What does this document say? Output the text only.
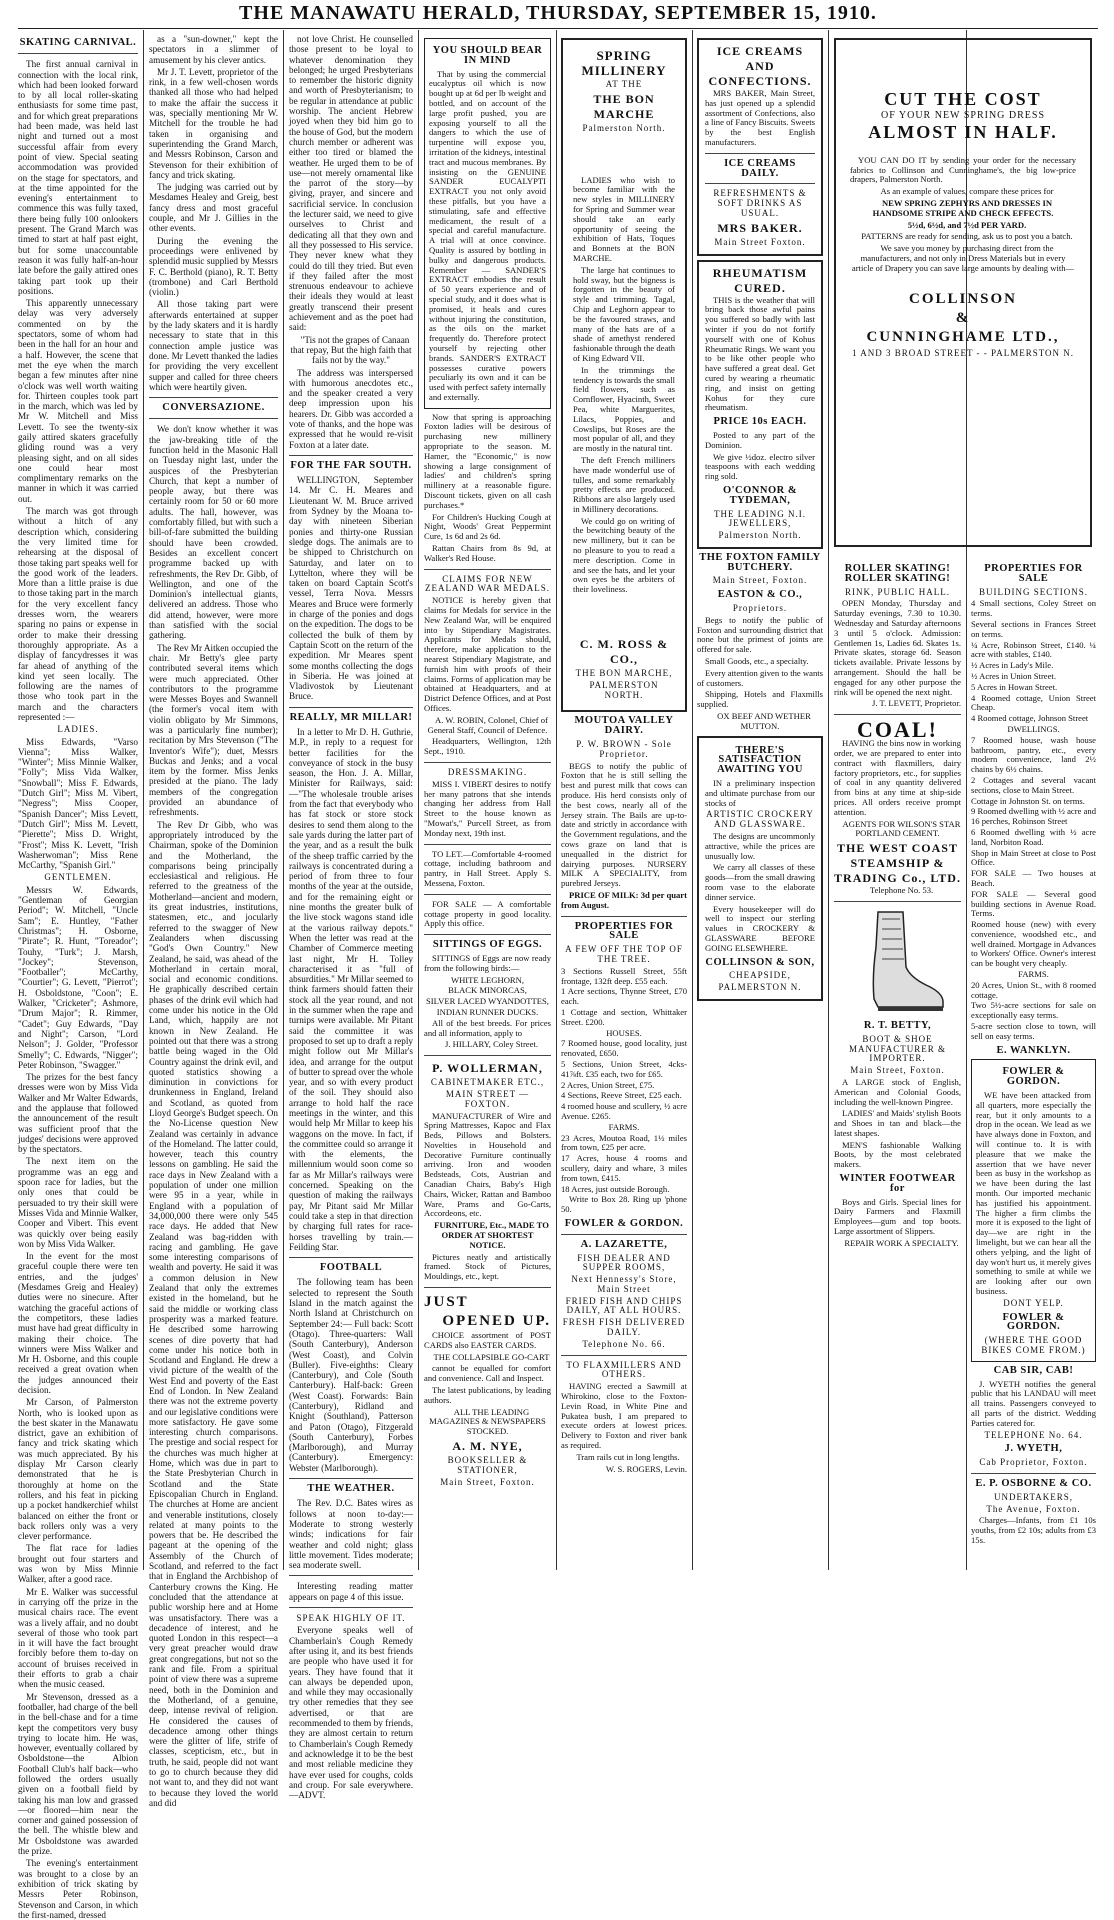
THE MANAWATU HERALD, THURSDAY, SEPTEMBER 15, 1910.
SKATING CARNIVAL.

The first annual carnival in connection with the local rink, which had been looked forward to by all local roller-skating enthusiasts for some time past, and for which great preparations had been made, was held last night and turned out a most successful affair from every point of view. Special seating accommodation was provided on the stage for spectators, and at the time appointed for the evening's entertainment to commence this was fully taxed, there being fully 100 onlookers present. The Grand March was timed to start at half past eight, but for some unaccountable reason it was fully half-an-hour late before the gaily attired ones taking part took up their positions.

This apparently unnecessary delay was very adversely commented on by the spectators, some of whom had been in the hall for an hour and a half. However, the scene that met the eye when the march began a few minutes after nine o'clock was well worth waiting for. Thirteen couples took part in the march, which was led by Mr W. Mitchell and Miss Levett. To see the twenty-six gaily attired skaters gracefully gliding round was a very pleasing sight, and on all sides one could hear most complimentary remarks on the manner in which it was carried out.

The march was got through without a hitch of any description which, considering the very limited time for rehearsing at the disposal of those taking part speaks well for the good work of the leaders. More than a little praise is due to those taking part in the march for the very excellent fancy dresses worn, the wearers sparing no pains or expense in order to make their dressing thoroughly appropriate. As a display of fancydresses it was far ahead of anything of the kind yet seen locally. The following are the names of those who took part in the march and the characters represented :—

LADIES.

Miss Edwards, "Varso Vienna"; Miss Walker, "Winter"; Miss Minnie Walker, "Folly"; Miss Vida Walker, "Snowball"; Miss F. Edwards, "Dutch Girl"; Miss M. Vibert, "Negress"; Miss Cooper, "Spanish Dancer"; Miss Levett, "Dutch Girl"; Miss M. Levett, "Pierette"; Miss D. Wright, "Frost"; Miss K. Levett, "Irish Washerwoman"; Miss Rene McCarthy, "Spanish Girl."

GENTLEMEN.

Messrs W. Edwards, "Gentleman of Georgian Period"; W. Mitchell, "Uncle Sam"; E. Huntley, "Father Christmas"; H. Osborne, "Pirate"; R. Hunt, "Toreador"; Touhy, "Turk"; J. Marsh, "Jockey"; Stevenson, "Footballer"; McCarthy, "Courtier"; G. Levett, "Pierrot"; H. Osboldstone, "Coon"; E. Walker, "Cricketer"; Ashmore, "Drum Major"; R. Rimmer, "Cadet"; Guy Edwards, "Day and Night"; Carson, "Lord Nelson"; J. Golder, "Professor Smelly"; C. Edwards, "Nigger"; Peter Robinson, "Swagger."

The prizes for the best fancy dresses were won by Miss Vida Walker and Mr Walter Edwards, and the applause that followed the announcement of the result was sufficient proof that the judges' decisions were approved by the spectators.

The next item on the programme was an egg and spoon race for ladies, but the only ones that could be persuaded to try their skill were Misses Vida and Minnie Walker, Cooper and Vibert. This event was quickly over being easily won by Miss Vida Walker.

In the event for the most graceful couple there were ten entries, and the judges' (Mesdames Greig and Healey) duties were no sinecure. After watching the graceful actions of the competitors, these ladies must have had great difficulty in making their choice. The winners were Miss Walker and Mr H. Osborne, and this couple received a great ovation when the judges announced their decision.

Mr Carson, of Palmerston North, who is looked upon as the best skater in the Manawatu district, gave an exhibition of fancy and trick skating which was much appreciated. By his display Mr Carson clearly demonstrated that he is thoroughly at home on the rollers, and his feat in picking up a pocket handkerchief whilst balanced on either the front or back rollers only was a very clever performance.

The flat race for ladies brought out four starters and was won by Miss Minnie Walker, after a good race.

Mr E. Walker was successful in carrying off the prize in the musical chairs race. The event was a lively affair, and no doubt several of those who took part in it will have the fact brought forcibly before them to-day on account of bruises received in their efforts to grab a chair when the music ceased.

Mr Stevenson, dressed as a footballer, had charge of the bell in the bell-chase and for a time kept the competitors very busy trying to locate him. He was, however, eventually collared by Osboldstone—the Albion Football Club's half back—who followed the orders usually given on a football field by taking his man low and grassed—or floored—him near the corner and gained possession of the bell. The whistle blew and Mr Osboldstone was awarded the prize.

The evening's entertainment was brought to a close by an exhibition of trick skating by Messrs Peter Robinson, Stevenson and Carson, in which the first-named, dressed

as a "sun-downer," kept the spectators in a slimmer of amusement by his clever antics.

Mr J. T. Levett, proprietor of the rink, in a few well-chosen words thanked all those who had helped to make the affair the success it was, specially mentioning Mr W. Mitchell for the trouble he had taken in organising and superintending the Grand March, and Messrs Robinson, Carson and Stevenson for their exhibition of fancy and trick skating.

The judging was carried out by Mesdames Healey and Greig, best fancy dress and most graceful couple, and Mr J. Gillies in the other events.

During the evening the proceedings were enlivened by splendid music supplied by Messrs F. C. Berthold (piano), R. T. Betty (trombone) and Carl Berthold (violin.)

All those taking part were afterwards entertained at supper by the lady skaters and it is hardly necessary to state that in this connection ample justice was done. Mr Levett thanked the ladies for providing the very excellent supper and called for three cheers which were heartily given.

CONVERSAZIONE.

We don't know whether it was the jaw-breaking title of the function held in the Masonic Hall on Tuesday night last, under the auspices of the Presbyterian Church, that kept a number of people away, but there was certainly room for 50 or 60 more adults. The hall, however, was comfortably filled, but with such a bill-of-fare submitted the building should have been crowded. Besides an excellent concert programme backed up with refreshments, the Rev Dr. Gibb, of Wellington, and one of the Dominion's intellectual giants, delivered an address. Those who did attend, however, were more than satisfied with the social gathering.

The Rev Mr Aitken occupied the chair. Mr Betty's glee party contributed several items which were much appreciated. Other contributors to the programme were Messes Boyes and Swannell (the former's vocal item with violin obligato by Mr Simmons, was a particularly fine number); recitation by Mrs Stevenson ("The Inventor's Wife"); duet, Messrs Buckas and Jenks; and a vocal item by the former. Miss Jenks presided at the piano. The lady members of the congregation provided an abundance of refreshments.

The Rev Dr Gibb, who was appropriately introduced by the Chairman, spoke of the Dominion and the Motherland, the comparisons being principally ecclesiastical and religious. He referred to the greatness of the Motherland—ancient and modern, its great industries, institutions, statesmen, etc., and jocularly referred to the swagger of New Zealanders when discussing "God's Own Country." New Zealand, he said, was ahead of the Motherland in certain moral, social and economic conditions. He graphically described certain phases of the drink evil which had come under his notice in the Old Land, which, happily are not known in New Zealand. He pointed out that there was a strong battle being waged in the Old Country against the drink evil, and quoted statistics showing a diminution in convictions for drunkenness in England, Ireland and Scotland, as quoted from Lloyd George's Budget speech. On the No-License question New Zealand was certainly in advance of the Homeland. The latter could, however, teach this country lessons on gambling. He said the race days in New Zealand with a population of under one million were 95 in a year, while in England with a population of 34,000,000 there were only 545 race days. He added that New Zealand was bag-ridden with racing and gambling. He gave some interesting comparisons of wealth and poverty. He said it was a common delusion in New Zealand that only the extremes existed in the homeland, but he said the middle or working class prosperity was a marked feature. He described some harrowing scenes of dire poverty that had come under his notice both in Scotland and England. He drew a vivid picture of the wealth of the West End and poverty of the East End of London. In New Zealand there was not the extreme poverty and our legislative conditions were more satisfactory. He gave some interesting church comparisons. The prestige and social respect for the churches was much higher at Home, which was due in part to the State Presbyterian Church in Scotland and the State Episcopalian Church in England. The churches at Home are ancient and venerable institutions, closely related at many points to the powers that be. He described the pageant at the opening of the Assembly of the Church of Scotland, and referred to the fact that in England the Archbishop of Canterbury crowns the King. He concluded that the attendance at public worship here and at Home was unsatisfactory. There was a decadence of interest, and he quoted London in this respect—a very great preacher would draw great congregations, but not so the rank and file. From a spiritual point of view there was a supreme need, both in the Dominion and the Motherland, of a genuine, deep, intense revival of religion. He considered the causes of decadence among other things were the glitter of life, strife of classes, scepticism, etc., but in truth, he said, people did not want to go to church because they did not want to, and they did not want to because they loved the world and did

not love Christ. He counselled those present to be loyal to whatever denomination they belonged; he urged Presbyterians to remember the historic dignity and worth of Presbyterianism; to be regular in attendance at public worship. The ancient Hebrew joyed when they bid him go to the house of God, but the modern church member or adherent was either too tired or blamed the weather. He urged them to be of use—not merely ornamental like the parrot of the story—by giving, prayer, and sincere and sacrificial service. In conclusion the lecturer said, we need to give ourselves to Christ and dedicating all that they own and all they possessed to His service. They never knew what they could do till they tried. But even if they failed after the most strenuous endeavour to achieve their ideals they would at least greatly transcend their present achievement and as the poet had said:

"Tis not the grapes of Canaan that repay, But the high faith that fails not by the way."

The address was interspersed with humorous anecdotes etc., and the speaker created a very deep impression upon his hearers. Dr. Gibb was accorded a vote of thanks, and the hope was expressed that he would re-visit Foxton at a later date.

FOR THE FAR SOUTH.

WELLINGTON, September 14. Mr C. H. Meares and Lieutenant W. M. Bruce arrived from Sydney by the Moana to-day with nineteen Siberian ponies and thirty-one Russian sledge dogs. The animals are to be shipped to Christchurch on Saturday, and later on to Lyttelton, where they will be taken on board Captain Scott's vessel, Terra Nova. Messrs Meares and Bruce were formerly in charge of the ponies and dogs on the expedition. The dogs to be collected the bulk of them by Captain Scott on the return of the expedition. Mr Meares spent some months collecting the dogs in Siberia. He was joined at Vladivostok by Lieutenant Bruce.

REALLY, MR MILLAR!

In a letter to Mr D. H. Guthrie, M.P., in reply to a request for better facilities for the conveyance of stock in the busy season, the Hon. J. A. Millar, Minister for Railways, said:—"The wholesale trouble arises from the fact that everybody who has fat stock or store stock desires to send them along to the sale yards during the latter part of the year, and as a result the bulk of the sheep traffic carried by the railways is concentrated during a period of from three to four months of the year at the outside, and for the remaining eight or nine months the greater bulk of the live stock wagons stand idle at the various railway depots." When the letter was read at the Chamber of Commerce meeting last night, Mr H. Tolley characterised it as "full of absurdities." Mr Millar seemed to think farmers should fatten their stock all the year round, and not in the summer when the rape and turnips were available. Mr Pitant said the committee it was proposed to set up to draft a reply might follow out Mr Millar's idea, and arrange for the output of butter to spread over the whole year, and so with every product of the soil. They should also arrange to hold half the race meetings in the winter, and this would help Mr Millar to keep his waggons on the move. In fact, if the committee could so arrange it with the elements, the millennium would soon come so far as Mr Millar's railways were concerned. Speaking on the question of making the railways pay, Mr Pitant said Mr Millar could take a step in that direction by charging full rates for race-horses travelling by train.—Feilding Star.

FOOTBALL

The following team has been selected to represent the South Island in the match against the North Island at Christchurch on September 24:— Full back: Scott (Otago). Three-quarters: Wall (South Canterbury), Anderson (West Coast), and Colvin (Buller). Five-eighths: Cleary (Canterbury), and Cole (South Canterbury). Half-back: Green (West Coast). Forwards: Bain (Canterbury), Ridland and Knight (Southland), Patterson and Paton (Otago), Fitzgerald (South Canterbury), Forbes (Marlborough), and Murray (Canterbury). Emergency: Webster (Marlborough).

THE WEATHER.

The Rev. D.C. Bates wires as follows at noon to-day:— Moderate to strong westerly winds; indications for fair weather and cold night; glass little movement. Tides moderate; sea moderate swell.

Interesting reading matter appears on page 4 of this issue.

SPEAK HIGHLY OF IT.

Everyone speaks well of Chamberlain's Cough Remedy after using it, and its best friends are people who have used it for years. They have found that it can always be depended upon, and while they may occasionally try other remedies that they see advertised, or that are recommended to them by friends, they are almost certain to return to Chamberlain's Cough Remedy and acknowledge it to be the best and most reliable medicine they have ever used for coughs, colds and croup. For sale everywhere.—ADVT.

YOU SHOULD BEAR IN MIND

That by using the commercial eucalyptus oil which is now bought up at 6d per lb weight and bottled, and on account of the large profit pushed, you are exposing yourself to all the dangers to which the use of turpentine will expose you, irritation of the kidneys, intestinal tract and mucous membranes. By insisting on the GENUINE SANDER EUCALYPTI EXTRACT you not only avoid these pitfalls, but you have a stimulating, safe and effective medicament, the result of a special and careful manufacture. A trial will at once convince. Quality is assured by bottling in bulky and dangerous products. Remember — SANDER'S EXTRACT embodies the result of 50 years experience and of special study, and it does what is promised, it heals and cures without injuring the constitution, as the oils on the market frequently do. Therefore protect yourself by rejecting other brands. SANDER'S EXTRACT possesses curative powers peculiarly its own and it can be used with perfect safety internally and externally.

Now that spring is approaching Foxton ladies will be desirous of purchasing new millinery appropriate to the season. M. Hamer, the "Economic," is now showing a large consignment of ladies' and children's spring millinery at a reasonable figure. Discount tickets, given on all cash purchases.*

For Children's Hucking Cough at Night, Woods' Great Peppermint Cure, 1s 6d and 2s 6d.

Rattan Chairs from 8s 9d, at Walker's Red House.

CLAIMS FOR NEW ZEALAND WAR MEDALS.

NOTICE is hereby given that claims for Medals for service in the New Zealand War, will be enquired into by Stipendiary Magistrates. Applicants for Medals should, therefore, make application to the nearest Stipendiary Magistrate, and furnish him with proofs of their claims. Forms of application may be obtained at Headquarters, and at District Defence Offices, and at Post Offices.

A. W. ROBIN, Colonel, Chief of General Staff, Council of Defence.

Headquarters, Wellington, 12th Sept., 1910.

DRESSMAKING.

MISS I. VIBERT desires to notify her many patrons that she intends changing her address from Hall Street to the house known as "Mowat's," Purcell Street, as from Monday next, 19th inst.

TO LET.—Comfortable 4-roomed cottage, including bathroom and pantry, in Hall Street. Apply S. Messena, Foxton.

FOR SALE — A comfortable cottage property in good locality. Apply this office.

SITTINGS OF EGGS.

SITTINGS of Eggs are now ready from the following birds:—

WHITE LEGHORN,
BLACK MINORCAS,
SILVER LACED WYANDOTTES,
INDIAN RUNNER DUCKS.

All of the best breeds. For prices and all information, apply to

J. HILLARY, Coley Street.

P. WOLLERMAN,
CABINETMAKER ETC.,
MAIN STREET — FOXTON.

MANUFACTURER of Wire and Spring Mattresses, Kapoc and Flax Beds, Pillows and Bolsters. Novelties in Household and Decorative Furniture continually arriving. Iron and wooden Bedsteads, Cots, Austrian and Canadian Chairs, Baby's High Chairs, Wicker, Rattan and Bamboo Ware, Prams and Go-Carts, Accordeons, etc.

FURNITURE, Etc., MADE TO ORDER AT SHORTEST NOTICE.

Pictures neatly and artistically framed. Stock of Pictures, Mouldings, etc., kept.

JUST
OPENED UP.

CHOICE assortment of POST CARDS also EASTER CARDS.

THE COLLAPSIBLE GO-CART

cannot be equalled for comfort and convenience. Call and Inspect.

The latest publications, by leading authors.

ALL THE LEADING MAGAZINES & NEWSPAPERS STOCKED.

A. M. NYE,
BOOKSELLER & STATIONER,
Main Street, Foxton.
SPRING MILLINERY
AT THE
THE BON MARCHE
Palmerston North.

LADIES who wish to become familiar with the new styles in MILLINERY for Spring and Summer wear should take an early opportunity of seeing the exhibition of Hats, Toques and Bonnets at the BON MARCHE.

The large hat continues to hold sway, but the bigness is forgotten in the beauty of style and trimming. Tagal, Chip and Leghorn appear to be the favoured straws, and many of the hats are of a shade of amethyst rendered fashionable through the death of King Edward VII.

In the trimmings the tendency is towards the small field flowers, such as Cornflower, Hyacinth, Sweet Pea, white Marguerites, Lilacs, Poppies, and Cowslips, but Roses are the most popular of all, and they are mostly in the natural tint.

The deft French milliners have made wonderful use of tulles, and some remarkably pretty effects are produced. Ribbons are also largely used in Millinery decorations.

We could go on writing of the bewitching beauty of the new millinery, but it can be no pleasure to you to read a mere description. Come in and see the hats, and let your own eyes be the arbiters of their loveliness.

C. M. ROSS & CO.,
THE BON MARCHE,
PALMERSTON NORTH.
MOUTOA VALLEY DAIRY.
P. W. BROWN - Sole Proprietor.

BEGS to notify the public of Foxton that he is still selling the best and purest milk that cows can produce. His herd consists only of the best cows, nearly all of the Jersey strain. The Bails are up-to-date and strictly in accordance with the Government regulations, and the cows graze on land that is unequalled in the district for dairying purposes. NURSERY MILK A SPECIALITY, from purebred Jerseys.

PRICE OF MILK: 3d per quart from August.

PROPERTIES FOR SALE
A FEW OFF THE TOP OF THE TREE.
3 Sections Russell Street, 55ft frontage, 132ft deep. £55 each.
1 Acre sections, Thynne Street, £70 each.
1 Cottage and section, Whittaker Street. £200.
HOUSES.
7 Roomed house, good locality, just renovated, £650.
5 Sections, Union Street, 4cks-41⅞ft. £35 each, two for £65.
2 Acres, Union Street, £75.
4 Sections, Reeve Street, £25 each.
4 roomed house and scullery, ½ acre Avenue. £265.
FARMS.
23 Acres, Moutoa Road, 1½ miles from town, £25 per acre.
17 Acres, house 4 rooms and scullery, dairy and whare, 3 miles from town, £415.
18 Acres, just outside Borough.

Write to Box 28. Ring up 'phone 50.

FOWLER & GORDON.
A. LAZARETTE,
FISH DEALER AND SUPPER ROOMS,
Next Hennessy's Store, Main Street
FRIED FISH AND CHIPS DAILY, AT ALL HOURS.
FRESH FISH DELIVERED DAILY.
Telephone No. 66.
TO FLAXMILLERS AND OTHERS.

HAVING erected a Sawmill at Whirokino, close to the Foxton-Levin Road, in White Pine and Pukatea bush, I am prepared to execute orders at lowest prices. Delivery to Foxton and river bank as required.

Tram rails cut in long lengths.

W. S. ROGERS, Levin.

ICE CREAMS AND CONFECTIONS.

MRS BAKER, Main Street, has just opened up a splendid assortment of Confections, also a line of Fancy Biscuits. Sweets by the best English manufacturers.

ICE CREAMS DAILY.
REFRESHMENTS & SOFT DRINKS AS USUAL.
MRS BAKER.
Main Street Foxton.
RHEUMATISM CURED.

THIS is the weather that will bring back those awful pains you suffered so badly with last winter if you do not fortify yourself with one of Kohus Rheumatic Rings. We want you to be like other people who have suffered a great deal. Get cured by wearing a rheumatic ring, and insist on getting Kohus for they cure rheumatism.

PRICE 10s EACH.

Posted to any part of the Dominion.

We give ½doz. electro silver teaspoons with each wedding ring sold.

O'CONNOR & TYDEMAN,
THE LEADING N.I. JEWELLERS,
Palmerston North.
THE FOXTON FAMILY BUTCHERY.
Main Street, Foxton.
EASTON & CO.,
Proprietors.

Begs to notify the public of Foxton and surrounding district that none but the primest of joints are offered for sale.

Small Goods, etc., a specialty.

Every attention given to the wants of customers.

Shipping, Hotels and Flaxmills supplied.

OX BEEF AND WETHER MUTTON.

THERE'S SATISFACTION AWAITING YOU

IN a preliminary inspection and ultimate purchase from our stocks of

ARTISTIC CROCKERY AND GLASSWARE.

The designs are uncommonly attractive, while the prices are unusually low.

We carry all classes of these goods—from the small drawing room vase to the elaborate dinner service.

Every housekeeper will do well to inspect our sterling values in CROCKERY & GLASSWARE BEFORE GOING ELSEWHERE.

COLLINSON & SON,
CHEAPSIDE,
PALMERSTON N.
CUT THE COST
OF YOUR NEW SPRING DRESS
ALMOST IN HALF.

YOU CAN DO IT by sending your order for the necessary fabrics to Collinson and Cunninghame's, the big low-price drapers, Palmerston North.

As an example of values, compare these prices for

NEW SPRING ZEPHYRS AND DRESSES IN HANDSOME STRIPE AND CHECK EFFECTS.

5½d, 6½d, and 7½d PER YARD.

PATTERNS are ready for sending, ask us to post you a batch.

We save you money by purchasing direct from the manufacturers, and not only in Dress Materials but in every article of Drapery you can save large amounts by dealing with—

COLLINSON
&
CUNNINGHAME LTD.,
1 AND 3 BROAD STREET - - PALMERSTON N.
ROLLER SKATING! ROLLER SKATING!
RINK, PUBLIC HALL.

OPEN Monday, Thursday and Saturday evenings, 7.30 to 10.30. Wednesday and Saturday afternoons 3 until 5 o'clock. Admission: Gentlemen 1s, Ladies 6d. Skates 1s. Private skates, storage 6d. Season tickets available. Private lessons by arrangement. Should the hall be engaged for any other purpose the rink will be opened the next night.

J. T. LEVETT, Proprietor.

COAL!

HAVING the bins now in working order, we are prepared to enter into contract with flaxmillers, dairy factory proprietors, etc., for supplies of coal in any quantity delivered from bins at any time at ship-side prices. All orders receive prompt attention.

AGENTS FOR WILSON'S STAR PORTLAND CEMENT.

THE WEST COAST STEAMSHIP & TRADING Co., LTD.

Telephone No. 53.

R. T. BETTY,
BOOT & SHOE MANUFACTURER & IMPORTER.
Main Street, Foxton.

A LARGE stock of English, American and Colonial Goods, including the well-known Pingree.

LADIES' and Maids' stylish Boots and Shoes in tan and black—the latest shapes.

MEN'S fashionable Walking Boots, by the most celebrated makers.

WINTER FOOTWEAR for

Boys and Girls. Special lines for Dairy Farmers and Flaxmill Employees—gum and top boots. Large assortment of Slippers.

REPAIR WORK A SPECIALTY.

PROPERTIES FOR SALE
BUILDING SECTIONS.
4 Small sections, Coley Street on terms.
Several sections in Frances Street on terms.
¼ Acre, Robinson Street, £140. ¼ acre with stables, £140.
½ Acres in Lady's Mile.
½ Acres in Union Street.
5 Acres in Howan Street.
4 Roomed cottage, Union Street Cheap.
4 Roomed cottage, Johnson Street
DWELLINGS.
7 Roomed house, wash house bathroom, pantry, etc., every modern convenience, land 2½ chains by 6½ chains.
2 Cottages and several vacant sections, close to Main Street.
Cottage in Johnston St. on terms.
9 Roomed dwelling with ½ acre and 16 perches, Robinson Street
6 Roomed dwelling with ½ acre land, Norbiton Road.
Shop in Main Street at close to Post Office.
FOR SALE — Two houses at Beach.
FOR SALE — Several good building sections in Avenue Road. Terms.
Roomed house (new) with every convenience, woodshed etc., and well drained. Mortgage in Advances to Workers' Office. Owner's interest can be bought very cheaply.
FARMS.
20 Acres, Union St., with 8 roomed cottage.
Two 5½-acre sections for sale on exceptionally easy terms.
5-acre section close to town, will sell on easy terms.
E. WANKLYN.
FOWLER & GORDON.

WE have been attacked from all quarters, more especially the rear, but it only amounts to a drop in the ocean. We lead as we have always done in Foxton, and will continue to. It is with pleasure that we make the assertion that we have never been as busy in the workshop as we have been during the last month. Our imported mechanic has justified his appointment. The higher a firm climbs the more it is exposed to the light of day—we are right in the limelight, but we can hear all the others yelping, and the light of day won't hurt us, it merely gives something to smile at while we are looking after our own business.

DONT YELP.
FOWLER & GORDON.
(WHERE THE GOOD BIKES COME FROM.)
CAB SIR, CAB!

J. WYETH notifies the general public that his LANDAU will meet all trains. Passengers conveyed to all parts of the district. Wedding Parties catered for.

TELEPHONE No. 64.
J. WYETH,
Cab Proprietor, Foxton.
E. P. OSBORNE & CO.
UNDERTAKERS,
The Avenue, Foxton.

Charges—Infants, from £1 10s youths, from £2 10s; adults from £3 15s.
